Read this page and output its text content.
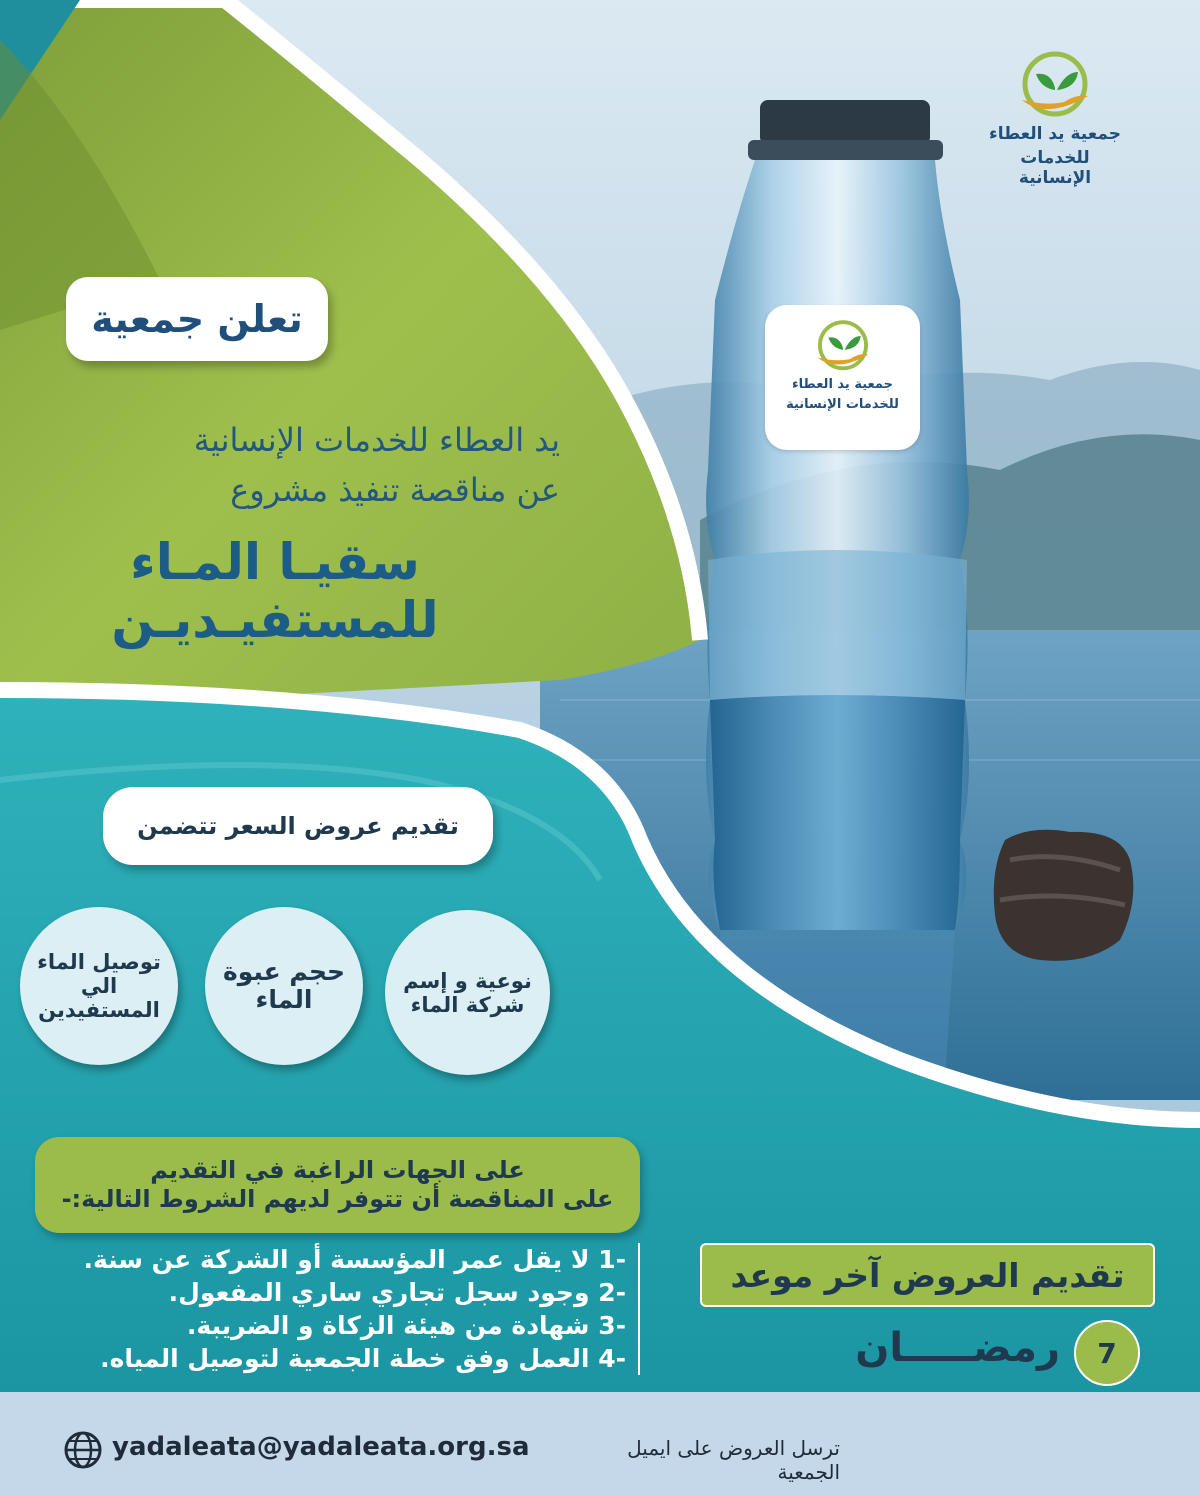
جمعية يد العطاء
للخدمات الإنسانية
جمعية يد العطاء
للخدمات الإنسانية
تعلن جمعية
يد العطاء للخدمات الإنسانية
عن مناقصة تنفيذ مشروع
سقيـا المـاء
للمستفيـديـن
تقديم عروض السعر تتضمن
نوعية و إسم شركة الماء
حجم عبوة الماء
توصيل الماء الي المستفيدين
على الجهات الراغبة في التقديم
على المناقصة أن تتوفر لديهم الشروط التالية:-
-1 لا يقل عمر المؤسسة أو الشركة عن سنة.
-2 وجود سجل تجاري ساري المفعول.
-3 شهادة من هيئة الزكاة و الضريبة.
-4 العمل وفق خطة الجمعية لتوصيل المياه.
تقديم العروض آخر موعد
7
رمضـــــان
yadaleata@yadaleata.org.sa	ترسل العروض على ايميل الجمعية
